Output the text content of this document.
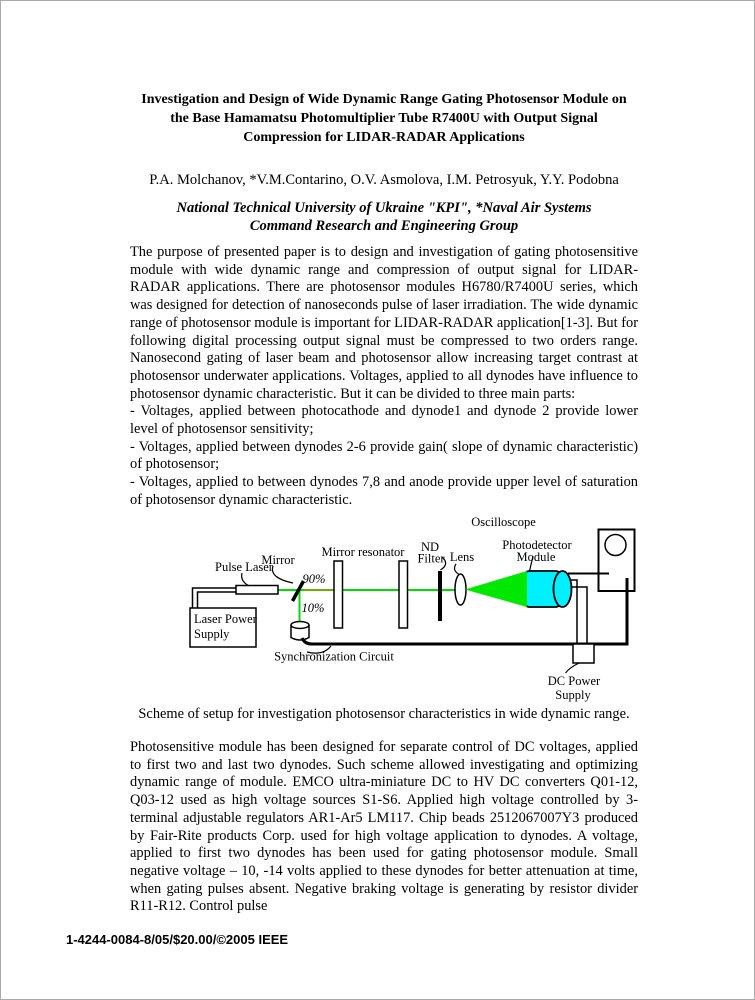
Investigation and Design of Wide Dynamic Range Gating Photosensor Module on
the Base Hamamatsu Photomultiplier Tube R7400U with Output Signal
Compression for LIDAR-RADAR Applications
P.A. Molchanov, *V.M.Contarino, O.V. Asmolova, I.M. Petrosyuk, Y.Y. Podobna
National Technical University of Ukraine "KPI", *Naval Air Systems
Command Research and Engineering Group
The purpose of presented paper is to design and investigation of gating photosensitive module with wide dynamic range and compression of output signal for LIDAR-RADAR applications. There are photosensor modules H6780/R7400U series, which was designed for detection of nanoseconds pulse of laser irradiation. The wide dynamic range of photosensor module is important for LIDAR-RADAR application[1-3]. But for following digital processing output signal must be compressed to two orders range. Nanosecond gating of laser beam and photosensor allow increasing target contrast at photosensor underwater applications. Voltages, applied to all dynodes have influence to photosensor dynamic characteristic. But it can be divided to three main parts:
- Voltages, applied between photocathode and dynode1 and dynode 2 provide lower level of photosensor sensitivity;
- Voltages, applied between dynodes 2-6 provide gain( slope of dynamic characteristic) of photosensor;
- Voltages, applied to between dynodes 7,8 and anode provide upper level of saturation of photosensor dynamic characteristic.
Oscilloscope
Laser Power
Supply
Pulse Laser
Mirror
90%
10%
Mirror resonator ND
Filter Lens
Synchronization Circuit
Photodetector
Module
DC Power
Supply
Scheme of setup for investigation photosensor characteristics in wide dynamic range.
Photosensitive module has been designed for separate control of DC voltages, applied to first two and last two dynodes. Such scheme allowed investigating and optimizing dynamic range of module. EMCO ultra-miniature DC to HV DC converters Q01-12, Q03-12 used as high voltage sources S1-S6. Applied high voltage controlled by 3-terminal adjustable regulators AR1-Ar5 LM117. Chip beads 2512067007Y3 produced by Fair-Rite products Corp. used for high voltage application to dynodes. A voltage, applied to first two dynodes has been used for gating photosensor module. Small negative voltage – 10, -14 volts applied to these dynodes for better attenuation at time, when gating pulses absent. Negative braking voltage is generating by resistor divider R11-R12. Control pulse
1-4244-0084-8/05/$20.00/©2005 IEEE
